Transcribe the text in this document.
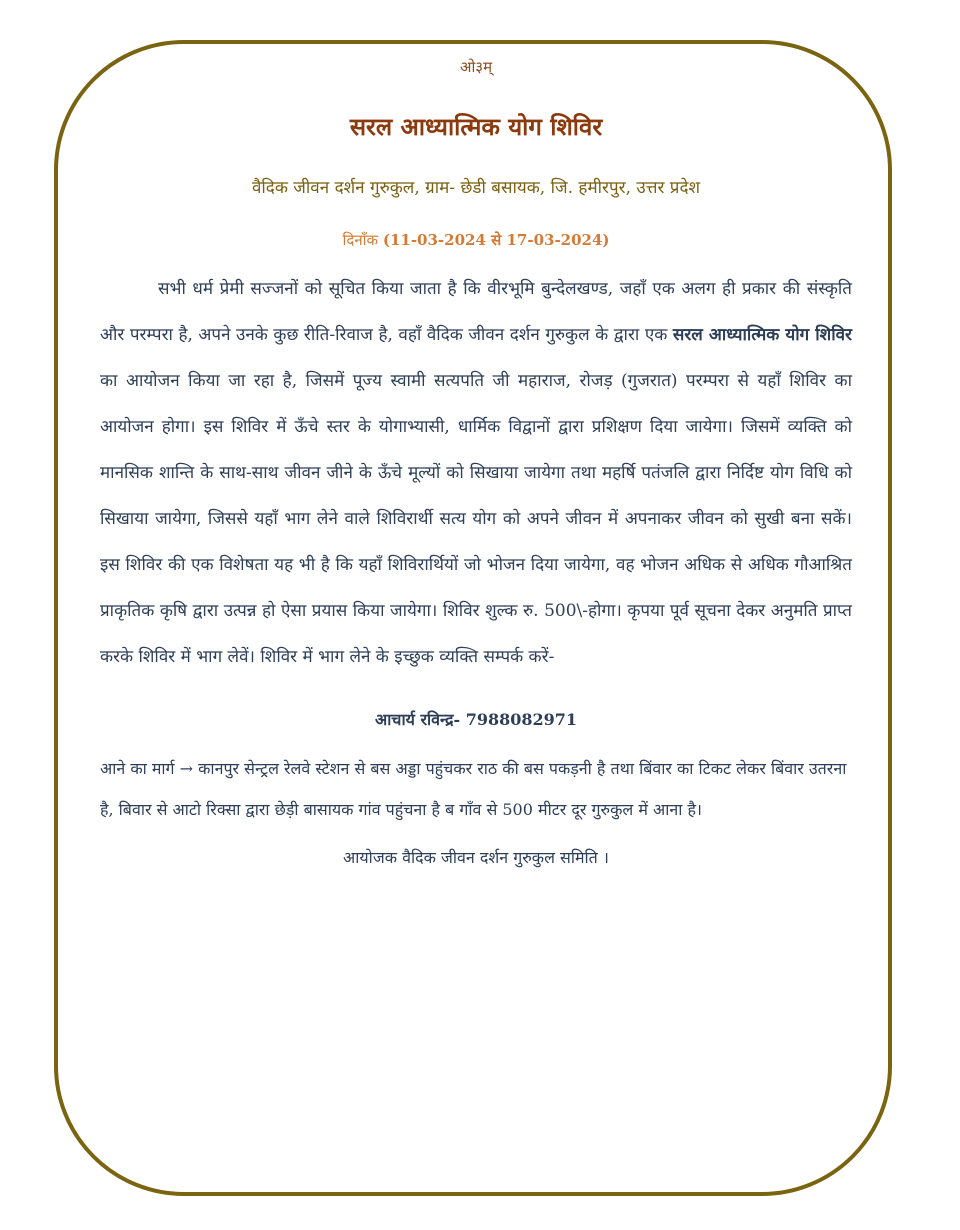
ओ३म्
सरल आध्यात्मिक योग शिविर
वैदिक जीवन दर्शन गुरुकुल, ग्राम- छेडी बसायक, जि. हमीरपुर, उत्तर प्रदेश
दिनाँक (11-03-2024 से 17-03-2024)
सभी धर्म प्रेमी सज्जनों को सूचित किया जाता है कि वीरभूमि बुन्देलखण्ड, जहाँ एक अलग ही प्रकार की संस्कृति और परम्परा है, अपने उनके कुछ रीति-रिवाज है, वहाँ वैदिक जीवन दर्शन गुरुकुल के द्वारा एक सरल आध्यात्मिक योग शिविर का आयोजन किया जा रहा है, जिसमें पूज्य स्वामी सत्यपति जी महाराज, रोजड़ (गुजरात) परम्परा से यहाँ शिविर का आयोजन होगा। इस शिविर में ऊँचे स्तर के योगाभ्यासी, धार्मिक विद्वानों द्वारा प्रशिक्षण दिया जायेगा। जिसमें व्यक्ति को मानसिक शान्ति के साथ-साथ जीवन जीने के ऊँचे मूल्यों को सिखाया जायेगा तथा महर्षि पतंजलि द्वारा निर्दिष्ट योग विधि को सिखाया जायेगा, जिससे यहाँ भाग लेने वाले शिविरार्थी सत्य योग को अपने जीवन में अपनाकर जीवन को सुखी बना सकें। इस शिविर की एक विशेषता यह भी है कि यहाँ शिविरार्थियों जो भोजन दिया जायेगा, वह भोजन अधिक से अधिक गौआश्रित प्राकृतिक कृषि द्वारा उत्पन्न हो ऐसा प्रयास किया जायेगा। शिविर शुल्क रु. 500\-होगा। कृपया पूर्व सूचना देकर अनुमति प्राप्त करके शिविर में भाग लेवें। शिविर में भाग लेने के इच्छुक व्यक्ति सम्पर्क करें-
आचार्य रविन्द्र- 7988082971
आने का मार्ग → कानपुर सेन्ट्रल रेलवे स्टेशन से बस अड्डा पहुंचकर राठ की बस पकड़नी है तथा बिंवार का टिकट लेकर बिंवार उतरना है, बिवार से आटो रिक्सा द्वारा छेड़ी बासायक गांव पहुंचना है ब गाँव से 500 मीटर दूर गुरुकुल में आना है।
आयोजक वैदिक जीवन दर्शन गुरुकुल समिति ।
